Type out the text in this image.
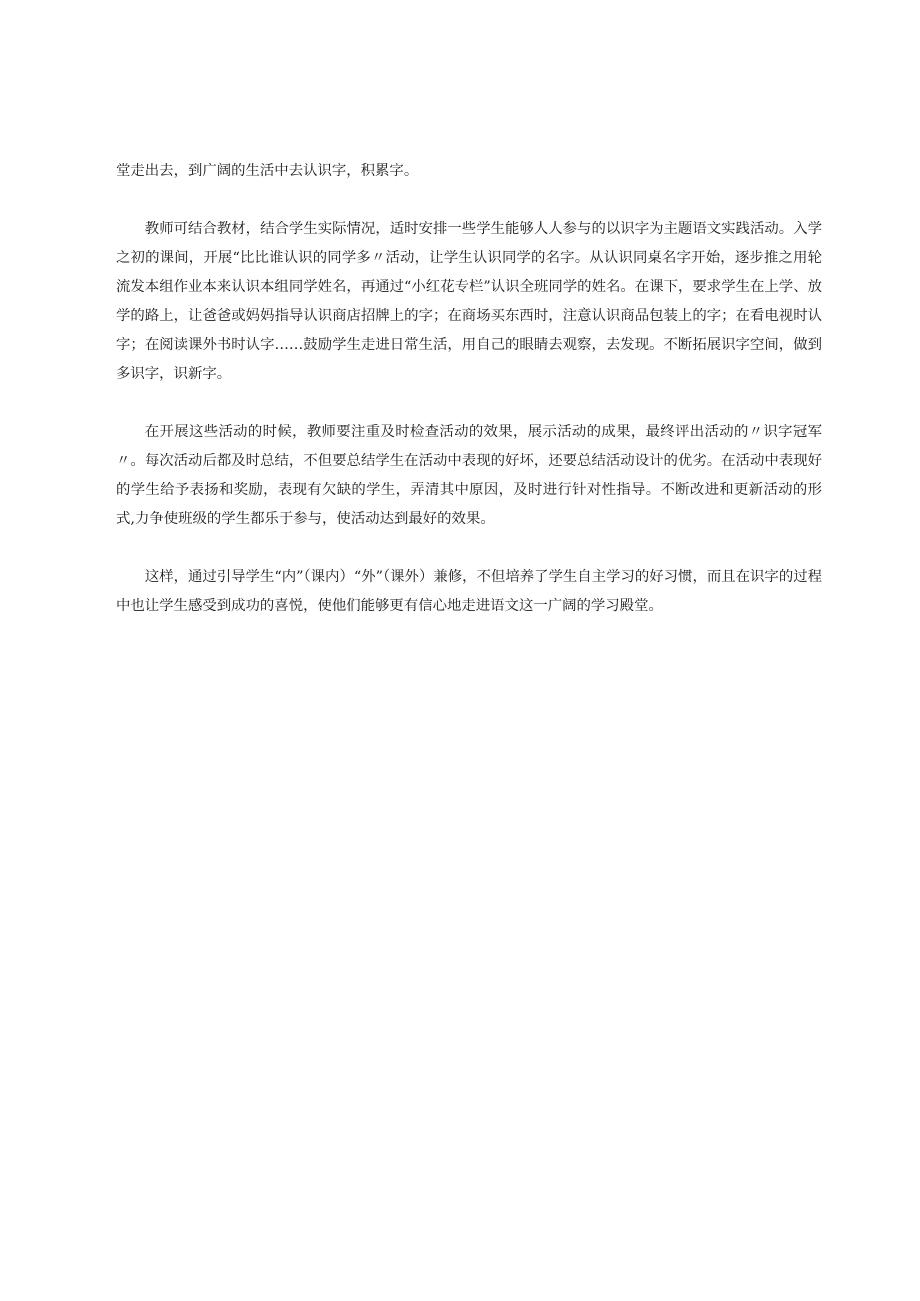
堂走出去，到广阔的生活中去认识字，积累字。

教师可结合教材，结合学生实际情况，适时安排一些学生能够人人参与的以识字为主题语文实践活动。入学之初的课间，开展“比比谁认识的同学多〃活动，让学生认识同学的名字。从认识同桌名字开始，逐步推之用轮流发本组作业本来认识本组同学姓名，再通过“小红花专栏”认识全班同学的姓名。在课下，要求学生在上学、放学的路上，让爸爸或妈妈指导认识商店招牌上的字；在商场买东西时，注意认识商品包装上的字；在看电视时认字；在阅读课外书时认字……鼓励学生走进日常生活，用自己的眼睛去观察，去发现。不断拓展识字空间，做到多识字，识新字。

在开展这些活动的时候，教师要注重及时检查活动的效果，展示活动的成果，最终评出活动的〃识字冠军〃。每次活动后都及时总结，不但要总结学生在活动中表现的好坏，还要总结活动设计的优劣。在活动中表现好的学生给予表扬和奖励，表现有欠缺的学生，弄清其中原因，及时进行针对性指导。不断改进和更新活动的形式,力争使班级的学生都乐于参与，使活动达到最好的效果。

这样，通过引导学生“内”（课内）“外”（课外）兼修，不但培养了学生自主学习的好习惯，而且在识字的过程中也让学生感受到成功的喜悦，使他们能够更有信心地走进语文这一广阔的学习殿堂。
